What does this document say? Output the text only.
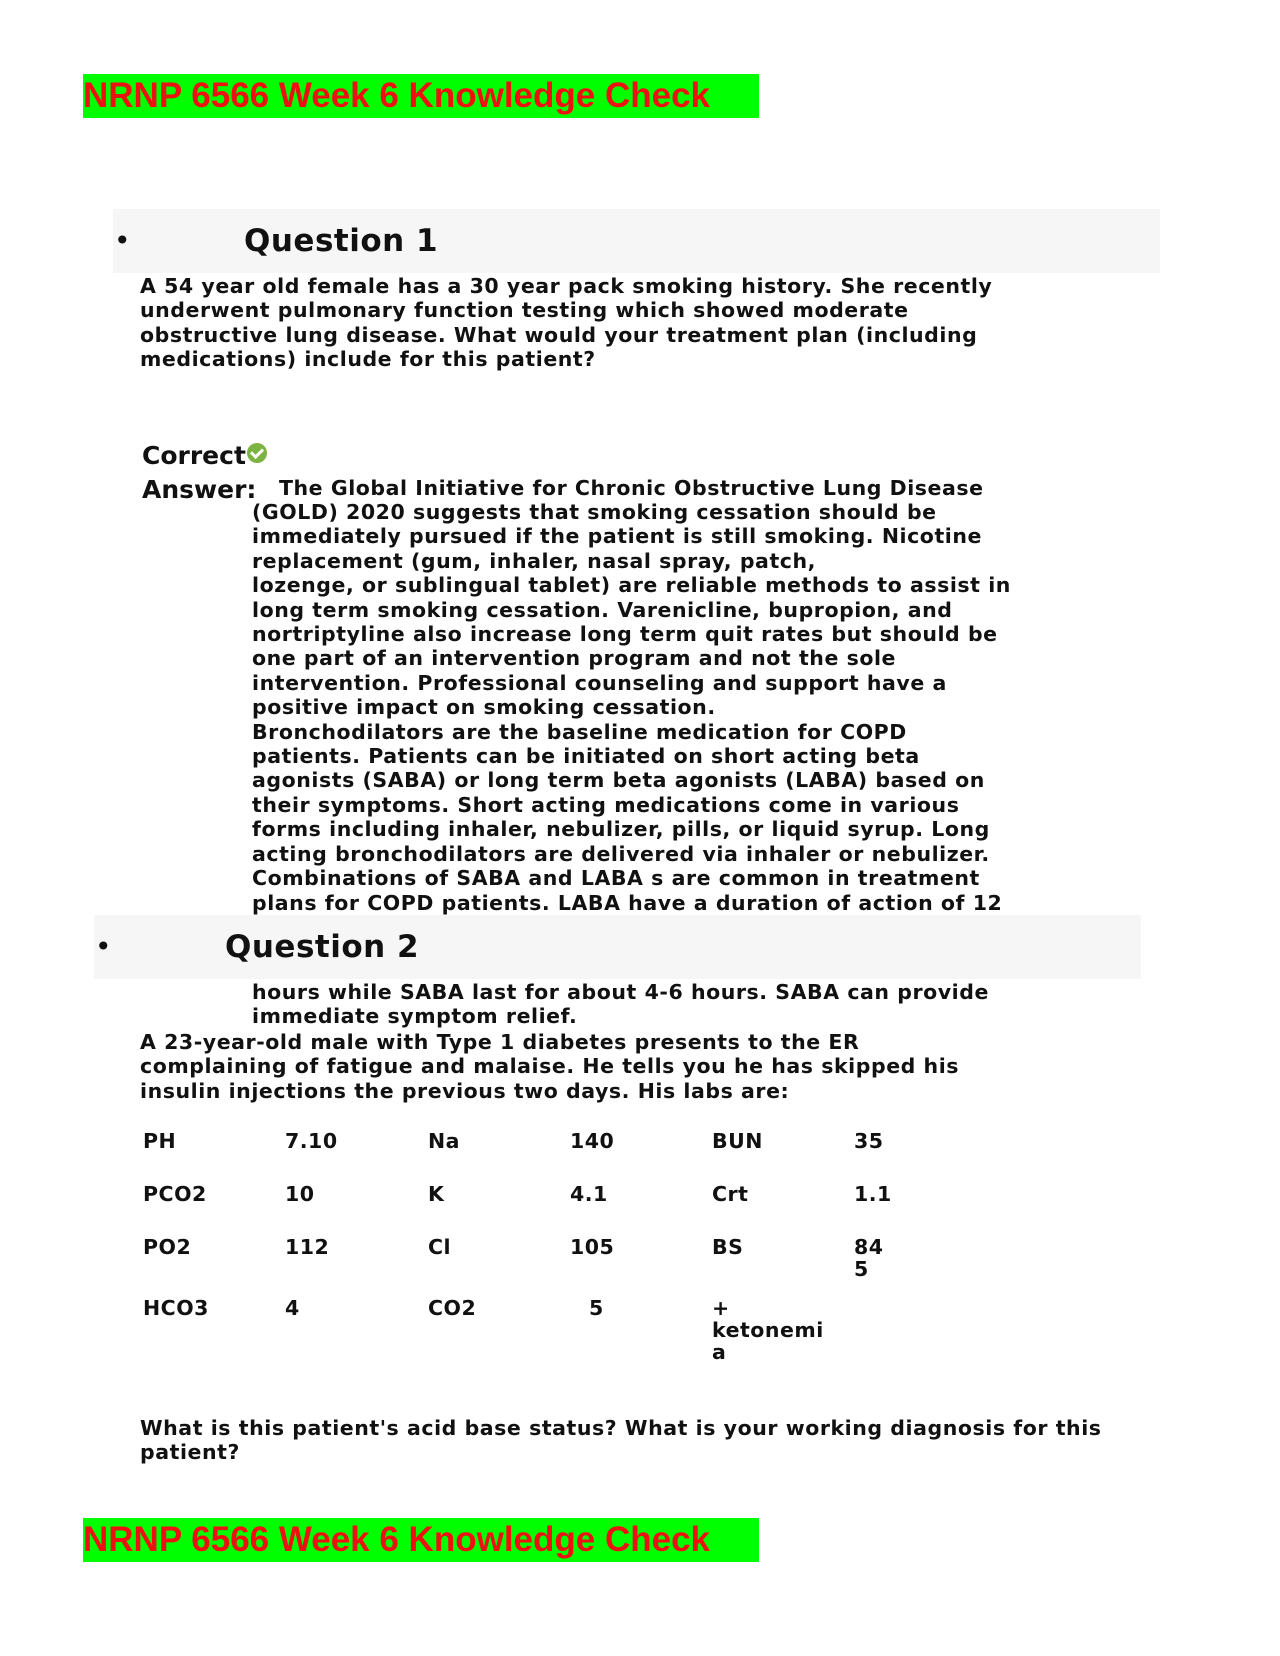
NRNP 6566 Week 6 Knowledge Check
•	Question 1
A 54 year old female has a 30 year pack smoking history. She recently
underwent pulmonary function testing which showed moderate
obstructive lung disease. What would your treatment plan (including
medications) include for this patient?
Correct
Answer: The Global Initiative for Chronic Obstructive Lung Disease
(GOLD) 2020 suggests that smoking cessation should be
immediately pursued if the patient is still smoking. Nicotine
replacement (gum, inhaler, nasal spray, patch,
lozenge, or sublingual tablet) are reliable methods to assist in
long term smoking cessation. Varenicline, bupropion, and
nortriptyline also increase long term quit rates but should be
one part of an intervention program and not the sole
intervention. Professional counseling and support have a
positive impact on smoking cessation.
Bronchodilators are the baseline medication for COPD
patients. Patients can be initiated on short acting beta
agonists (SABA) or long term beta agonists (LABA) based on
their symptoms. Short acting medications come in various
forms including inhaler, nebulizer, pills, or liquid syrup. Long
acting bronchodilators are delivered via inhaler or nebulizer.
Combinations of SABA and LABA s are common in treatment
plans for COPD patients. LABA have a duration of action of 12
•	Question 2
hours while SABA last for about 4-6 hours. SABA can provide
immediate symptom relief.
A 23-year-old male with Type 1 diabetes presents to the ER
complaining of fatigue and malaise. He tells you he has skipped his
insulin injections the previous two days. His labs are:
PH	7.10	Na	140	BUN	35
PCO2	10	K	4.1	Crt	1.1
PO2	112	Cl	105	BS	84
5
HCO3	4	CO2	5	+
ketonemi
a
What is this patient's acid base status? What is your working diagnosis for this
patient?
NRNP 6566 Week 6 Knowledge Check
